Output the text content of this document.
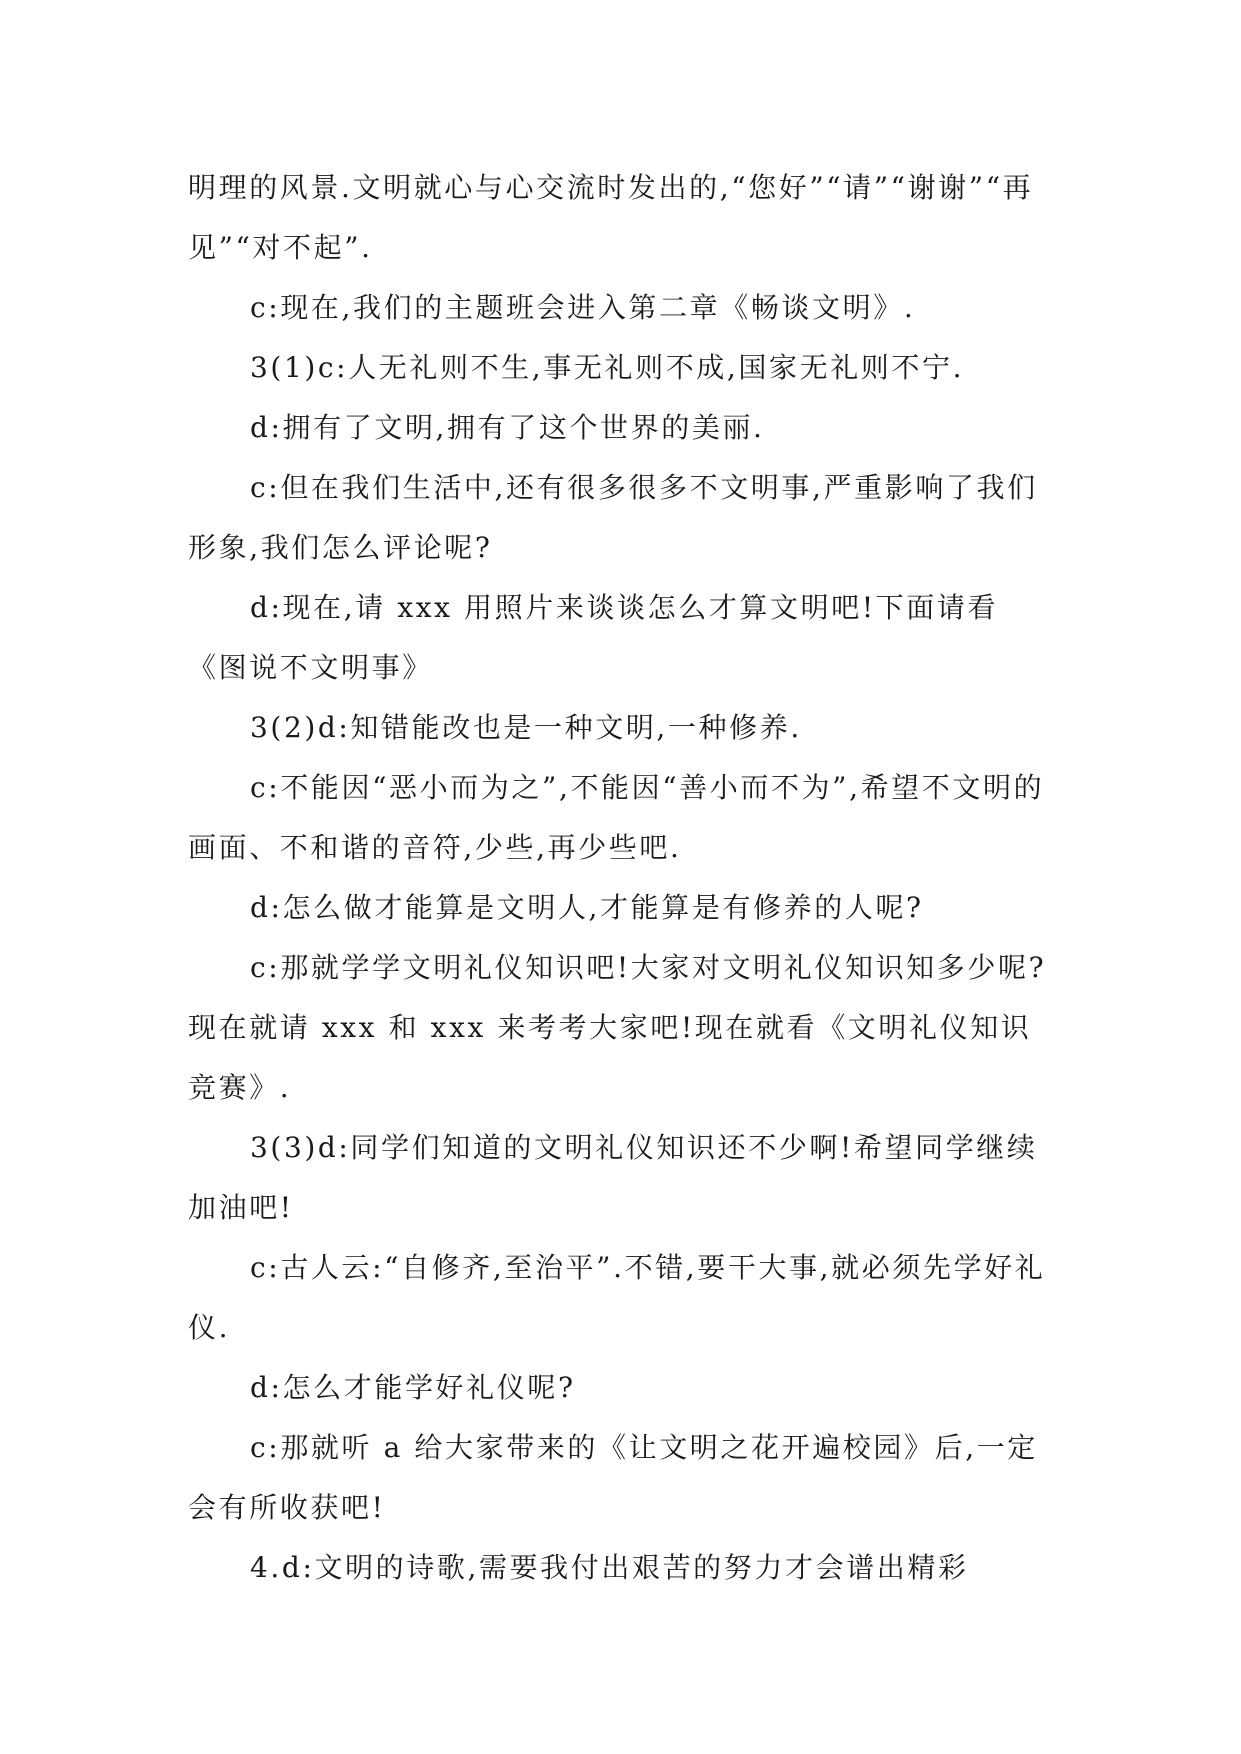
明理的风景.文明就心与心交流时发出的,“您好”“请”“谢谢”“再见”“对不起”.

c:现在,我们的主题班会进入第二章《畅谈文明》.

3(1)c:人无礼则不生,事无礼则不成,国家无礼则不宁.

d:拥有了文明,拥有了这个世界的美丽.

c:但在我们生活中,还有很多很多不文明事,严重影响了我们形象,我们怎么评论呢?

d:现在,请 xxx 用照片来谈谈怎么才算文明吧!下面请看《图说不文明事》

3(2)d:知错能改也是一种文明,一种修养.

c:不能因“恶小而为之”,不能因“善小而不为”,希望不文明的画面、不和谐的音符,少些,再少些吧.

d:怎么做才能算是文明人,才能算是有修养的人呢?

c:那就学学文明礼仪知识吧!大家对文明礼仪知识知多少呢?现在就请 xxx 和 xxx 来考考大家吧!现在就看《文明礼仪知识竞赛》.

3(3)d:同学们知道的文明礼仪知识还不少啊!希望同学继续加油吧!

c:古人云:“自修齐,至治平”.不错,要干大事,就必须先学好礼仪.

d:怎么才能学好礼仪呢?

c:那就听 a 给大家带来的《让文明之花开遍校园》后,一定会有所收获吧!

4.d:文明的诗歌,需要我付出艰苦的努力才会谱出精彩
